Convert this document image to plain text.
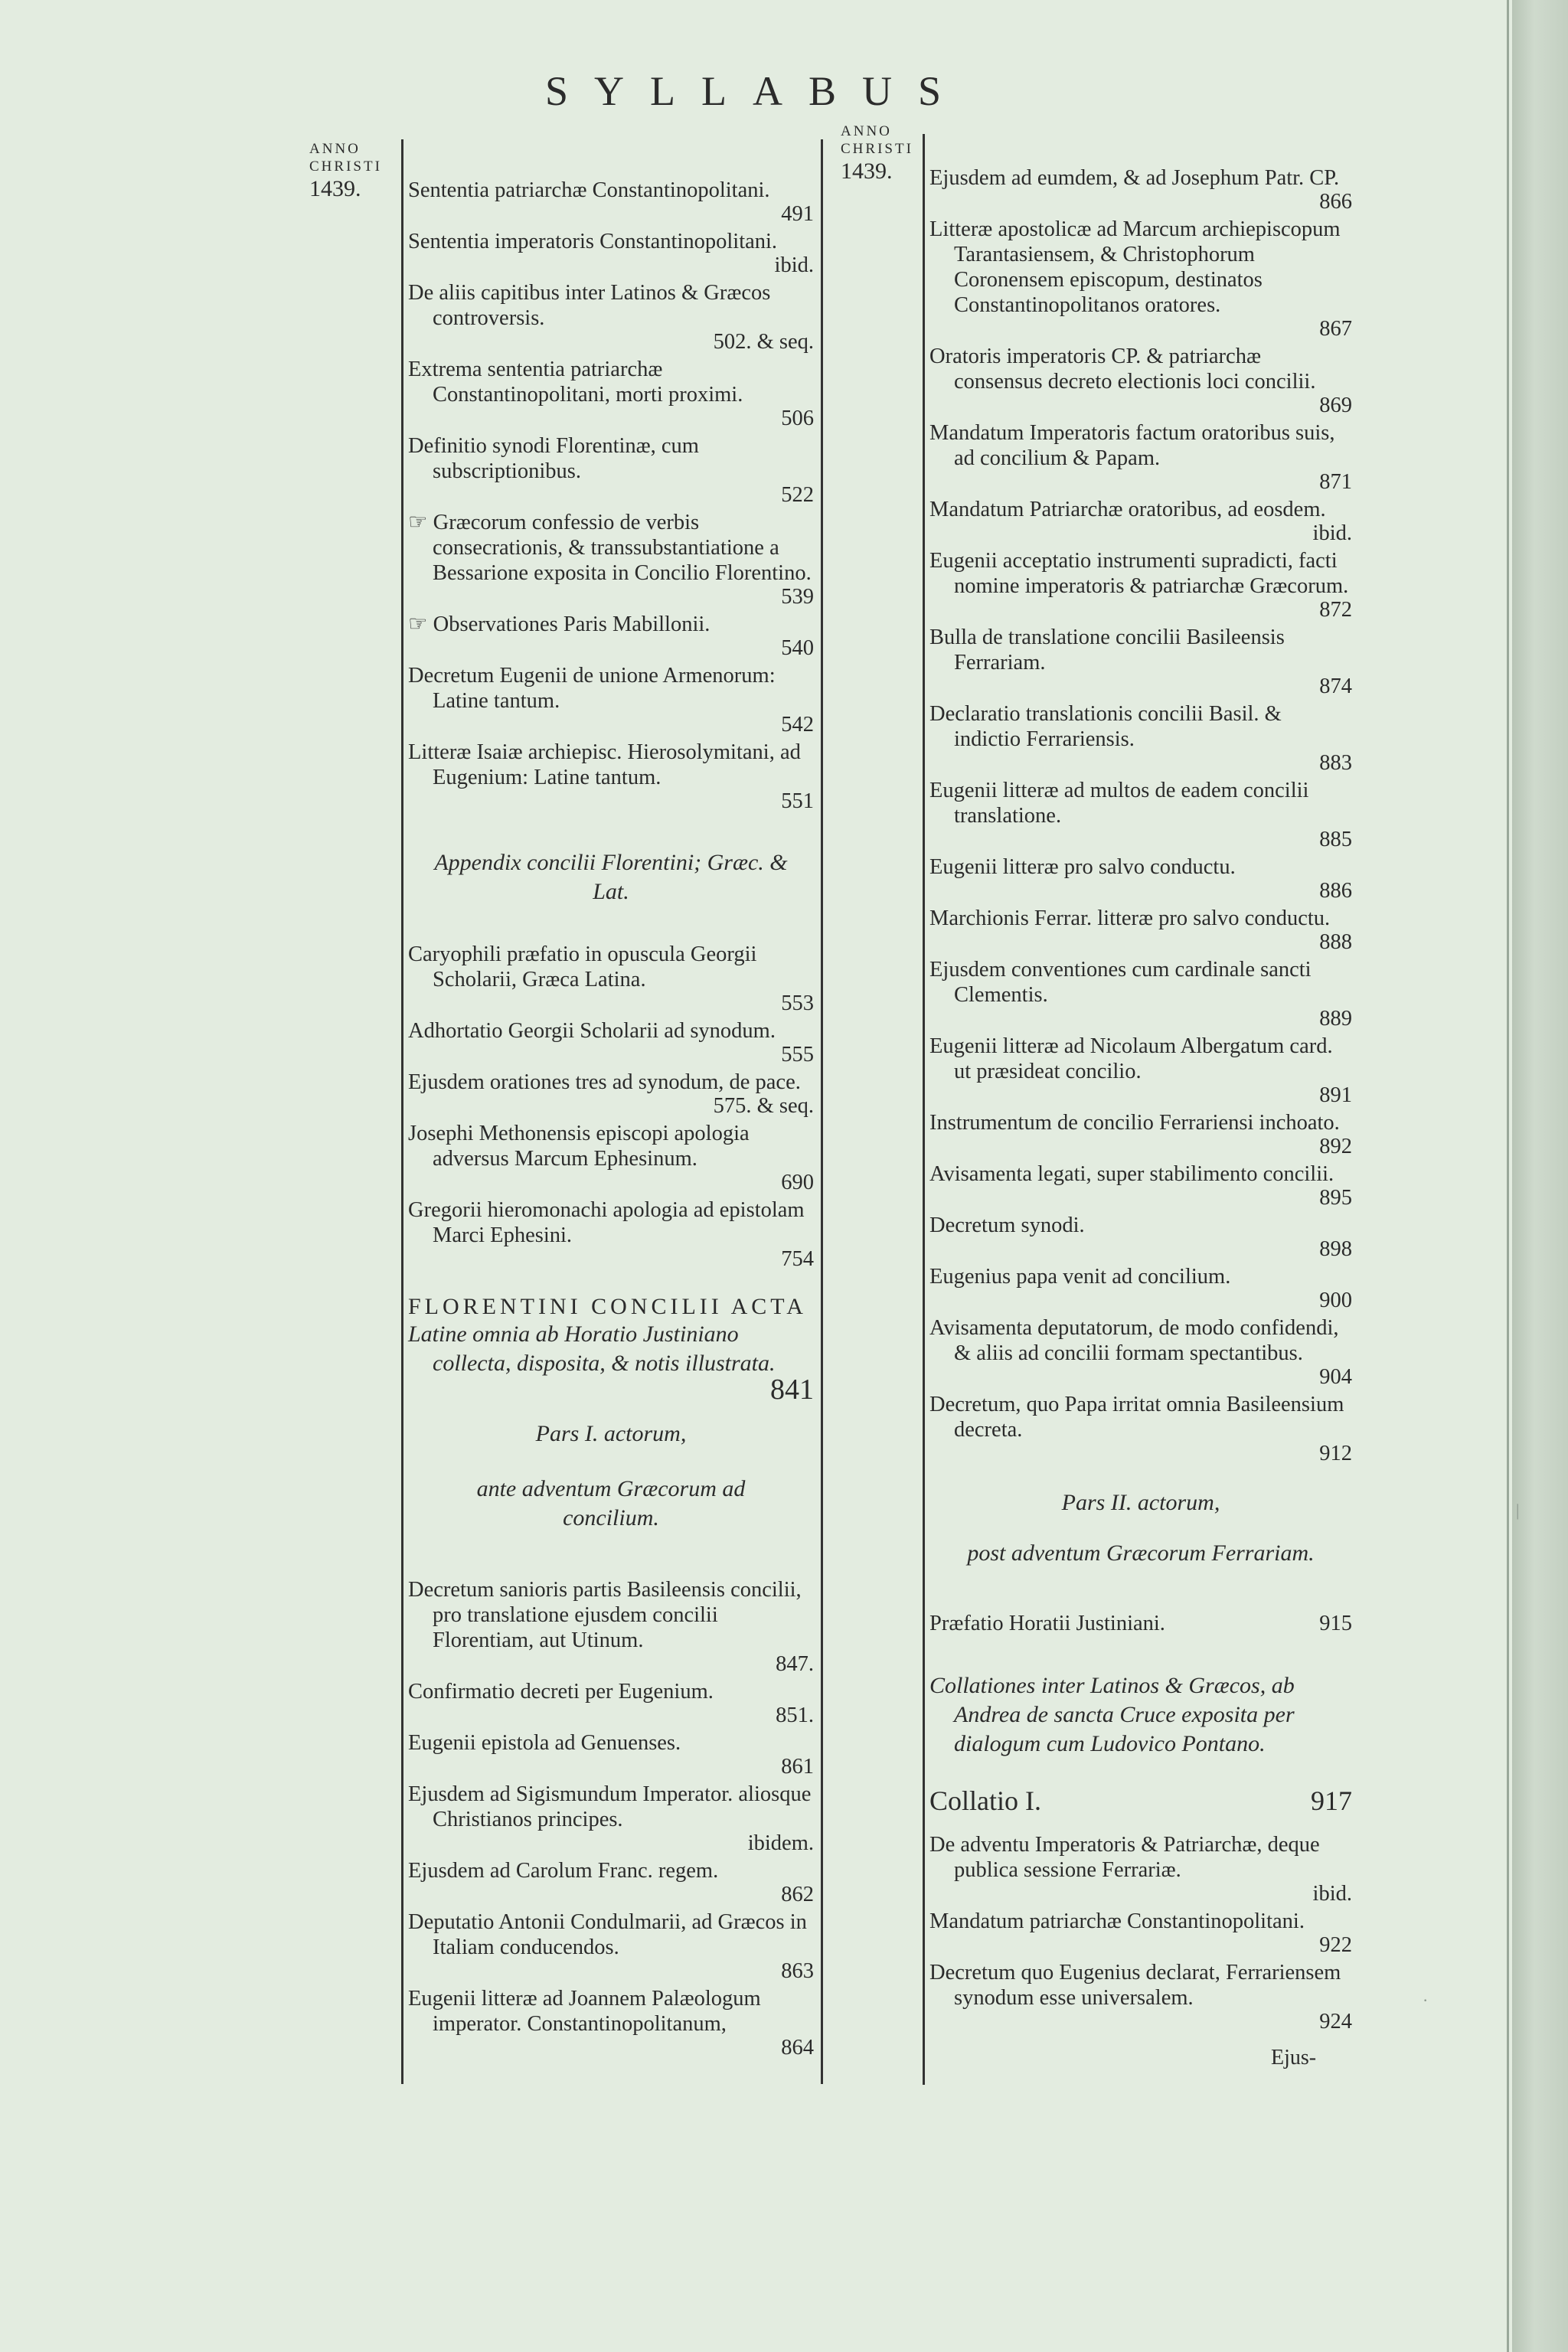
SYLLABUS
ANNO
CHRISTI
1439.
ANNO
CHRISTI
1439.
Sententia patriarchæ Constantinopolitani.
491
Sententia imperatoris Constantinopolitani.
ibid.
De aliis capitibus inter Latinos & Græcos controversis.
502. & seq.
Extrema sententia patriarchæ Constantinopolitani, morti proximi.
506
Definitio synodi Florentinæ, cum subscriptionibus.
522
☞ Græcorum confessio de verbis consecrationis, & transsubstantiatione a Bessarione exposita in Concilio Florentino.
539
☞ Observationes Paris Mabillonii.
540
Decretum Eugenii de unione Armenorum: Latine tantum.
542
Litteræ Isaiæ archiepisc. Hierosolymitani, ad Eugenium: Latine tantum.
551
Appendix concilii Florentini; Græc. & Lat.
Caryophili præfatio in opuscula Georgii Scholarii, Græca Latina.
553
Adhortatio Georgii Scholarii ad synodum.
555
Ejusdem orationes tres ad synodum, de pace.
575. & seq.
Josephi Methonensis episcopi apologia adversus Marcum Ephesinum.
690
Gregorii hieromonachi apologia ad epistolam Marci Ephesini.
754
FLORENTINI CONCILII ACTA
Latine omnia ab Horatio Justiniano collecta, disposita, & notis illustrata.
841
Pars I. actorum,
ante adventum Græcorum ad concilium.
Decretum sanioris partis Basileensis concilii, pro translatione ejusdem concilii Florentiam, aut Utinum.
847.
Confirmatio decreti per Eugenium.
851.
Eugenii epistola ad Genuenses.
861
Ejusdem ad Sigismundum Imperator. aliosque Christianos principes.
ibidem.
Ejusdem ad Carolum Franc. regem.
862
Deputatio Antonii Condulmarii, ad Græcos in Italiam conducendos.
863
Eugenii litteræ ad Joannem Palæologum imperator. Constantinopolitanum,
864
Ejusdem ad eumdem, & ad Josephum Patr. CP.
866
Litteræ apostolicæ ad Marcum archiepiscopum Tarantasiensem, & Christophorum Coronensem episcopum, destinatos Constantinopolitanos oratores.
867
Oratoris imperatoris CP. & patriarchæ consensus decreto electionis loci concilii.
869
Mandatum Imperatoris factum oratoribus suis, ad concilium & Papam.
871
Mandatum Patriarchæ oratoribus, ad eosdem.
ibid.
Eugenii acceptatio instrumenti supradicti, facti nomine imperatoris & patriarchæ Græcorum.
872
Bulla de translatione concilii Basileensis Ferrariam.
874
Declaratio translationis concilii Basil. & indictio Ferrariensis.
883
Eugenii litteræ ad multos de eadem concilii translatione.
885
Eugenii litteræ pro salvo conductu.
886
Marchionis Ferrar. litteræ pro salvo conductu.
888
Ejusdem conventiones cum cardinale sancti Clementis.
889
Eugenii litteræ ad Nicolaum Albergatum card. ut præsideat concilio.
891
Instrumentum de concilio Ferrariensi inchoato.
892
Avisamenta legati, super stabilimento concilii.
895
Decretum synodi.
898
Eugenius papa venit ad concilium.
900
Avisamenta deputatorum, de modo confidendi, & aliis ad concilii formam spectantibus.
904
Decretum, quo Papa irritat omnia Basileensium decreta.
912
Pars II. actorum,
post adventum Græcorum Ferrariam.
Præfatio Horatii Justiniani.	915
Collationes inter Latinos & Græcos, ab Andrea de sancta Cruce exposita per dialogum cum Ludovico Pontano.
Collatio I.	917
De adventu Imperatoris & Patriarchæ, deque publica sessione Ferrariæ.
ibid.
Mandatum patriarchæ Constantinopolitani.
922
Decretum quo Eugenius declarat, Ferrariensem synodum esse universalem.
924
Ejus-
|
·
